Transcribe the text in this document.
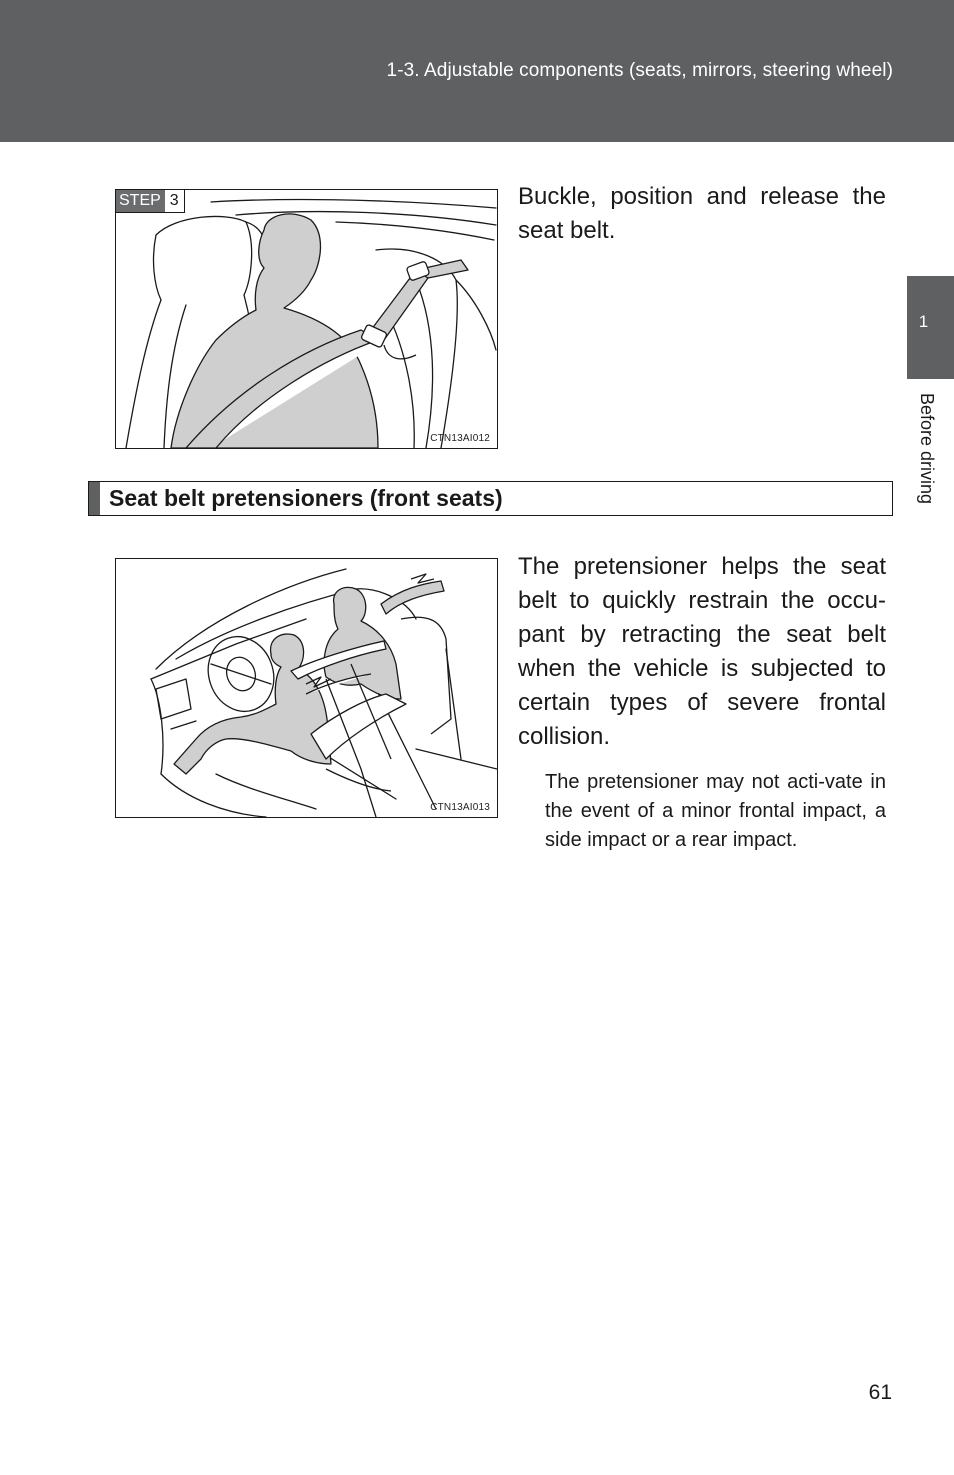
1-3. Adjustable components (seats, mirrors, steering wheel)
1
Before driving
STEP 3
CTN13AI012

Buckle, position and release the seat belt.

Seat belt pretensioners (front seats)
CTN13AI013

The pretensioner helps the seat belt to quickly restrain the occu-pant by retracting the seat belt when the vehicle is subjected to certain types of severe frontal collision.

The pretensioner may not acti-vate in the event of a minor frontal impact, a side impact or a rear impact.

61
